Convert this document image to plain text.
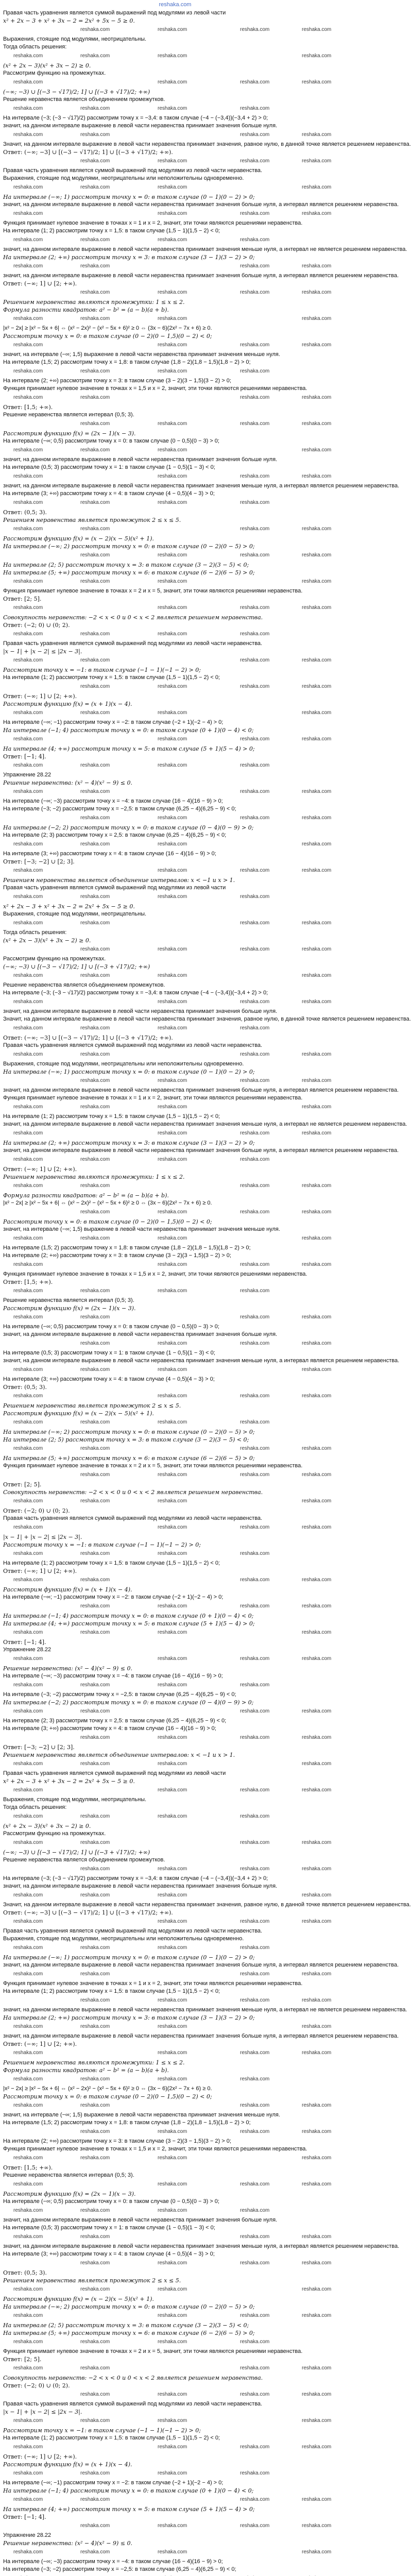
reshaka.com
Правая часть уравнения является суммой выражений под модулями из левой части
x² + 2x − 3 + x² + 3x − 2 = 2x² + 5x − 5 ≥ 0.
reshaka.com	reshaka.com
reshaka.com	reshaka.com
Выражения, стоящие под модулями, неотрицательны.
Тогда область решения:
reshaka.com	reshaka.com	reshaka.com
reshaka.com
(x² + 2x − 3)(x² + 3x − 2) ≥ 0.
Рассмотрим функцию на промежутках.
reshaka.com
reshaka.com	reshaka.com	reshaka.com
(−∞; −3) ∪ [(−3 − √17)/2; 1] ∪ [(−3 + √17)/2; +∞)
Решение неравенства является объединением промежутков.
reshaka.com	reshaka.com
reshaka.com	reshaka.com
На интервале (−3; (−3 − √17)/2) рассмотрим точку x = −3,4: в таком случае (−4 − (−3,4))(−3,4 + 2) > 0;
значит, на данном интервале выражение в левой части неравенства принимает значения больше нуля.
reshaka.com
reshaka.com	reshaka.com
reshaka.com
Значит, на данном интервале выражение в левой части неравенства принимает значения, равное нулю, в данной точке является решением неравенства.
Ответ: (−∞; −3] ∪ [(−3 − √17)/2; 1] ∪ [(−3 + √17)/2; +∞).
reshaka.com	reshaka.com
reshaka.com	reshaka.com
Правая часть уравнения является суммой выражений под модулями из левой части неравенства.
Выражения, стоящие под модулями, неотрицательны или неположительны одновременно.
reshaka.com	reshaka.com	reshaka.com
reshaka.com
На интервале (−∞; 1) рассмотрим точку x = 0: в таком случае (0 − 1)(0 − 2) > 0;
значит, на данном интервале выражение в левой части неравенства принимает значения больше нуля, а интервал является решением неравенства.
reshaka.com
reshaka.com	reshaka.com	reshaka.com
Функция принимает нулевое значение в точках x = 1 и x = 2, значит, эти точки являются решениями неравенства.
На интервале (1; 2) рассмотрим точку x = 1,5: в таком случае (1,5 − 1)(1,5 − 2) < 0;
reshaka.com	reshaka.com
reshaka.com	reshaka.com
значит, на данном интервале выражение в левой части неравенства принимает значения меньше нуля, а интервал не является решением неравенства.
На интервале (2; +∞) рассмотрим точку x = 3: в таком случае (3 − 1)(3 − 2) > 0;
reshaka.com
reshaka.com	reshaka.com
reshaka.com
значит, на данном интервале выражение в левой части неравенства принимает значения больше нуля, а интервал является решением неравенства.
Ответ: (−∞; 1] ∪ [2; +∞).
reshaka.com	reshaka.com
reshaka.com	reshaka.com
Решением неравенства являются промежутки: 1 ≤ x ≤ 2.
Формула разности квадратов: a² − b² = (a − b)(a + b).
reshaka.com	reshaka.com	reshaka.com
reshaka.com
|x² − 2x| ≥ |x² − 5x + 6| ⇔ (x² − 2x)² − (x² − 5x + 6)² ≥ 0 ⇔ (3x − 6)(2x² − 7x + 6) ≥ 0.
Рассмотрим точку x = 0: в таком случае (0 − 2)(0 − 1,5)(0 − 2) < 0;
reshaka.com
reshaka.com	reshaka.com	reshaka.com
значит, на интервале (−∞; 1,5) выражение в левой части неравенства принимает значения меньше нуля.
На интервале (1,5; 2) рассмотрим точку x = 1,8: в таком случае (1,8 − 2)(1,8 − 1,5)(1,8 − 2) > 0;
reshaka.com	reshaka.com
reshaka.com	reshaka.com
На интервале (2; +∞) рассмотрим точку x = 3: в таком случае (3 − 2)(3 − 1,5)(3 − 2) > 0;
Функция принимает нулевое значение в точках x = 1,5 и x = 2, значит, эти точки являются решениями неравенства.
reshaka.com
reshaka.com	reshaka.com
reshaka.com
Ответ: [1,5; +∞).
Решение неравенства является интервал (0,5; 3).
reshaka.com	reshaka.com
reshaka.com	reshaka.com
Рассмотрим функцию f(x) = (2x − 1)(x − 3).
На интервале (−∞; 0,5) рассмотрим точку x = 0: в таком случае (0 − 0,5)(0 − 3) > 0;
reshaka.com	reshaka.com	reshaka.com
reshaka.com
значит, на данном интервале выражение в левой части неравенства принимает значения больше нуля.
На интервале (0,5; 3) рассмотрим точку x = 1: в таком случае (1 − 0,5)(1 − 3) < 0;
reshaka.com
reshaka.com	reshaka.com	reshaka.com
значит, на данном интервале выражение в левой части неравенства принимает значения меньше нуля, а интервал является решением неравенства.
На интервале (3; +∞) рассмотрим точку x = 4: в таком случае (4 − 0,5)(4 − 3) > 0;
reshaka.com	reshaka.com
reshaka.com	reshaka.com
Ответ: (0,5; 3).
Решением неравенства является промежуток 2 ≤ x ≤ 5.
reshaka.com
reshaka.com	reshaka.com
reshaka.com
Рассмотрим функцию f(x) = (x − 2)(x − 5)(x² + 1).
На интервале (−∞; 2) рассмотрим точку x = 0: в таком случае (0 − 2)(0 − 5) > 0;
reshaka.com	reshaka.com
reshaka.com	reshaka.com
На интервале (2; 5) рассмотрим точку x = 3: в таком случае (3 − 2)(3 − 5) < 0;
На интервале (5; +∞) рассмотрим точку x = 6: в таком случае (6 − 2)(6 − 5) > 0;
reshaka.com	reshaka.com	reshaka.com
reshaka.com
Функция принимает нулевое значение в точках x = 2 и x = 5, значит, эти точки являются решениями неравенства.
Ответ: [2; 5].
reshaka.com
reshaka.com	reshaka.com	reshaka.com
Совокупность неравенств: −2 < x < 0 и 0 < x < 2 является решением неравенства.
Ответ: (−2; 0) ∪ (0; 2).
reshaka.com	reshaka.com
reshaka.com	reshaka.com
Правая часть уравнения является суммой выражений под модулями из левой части неравенства.
|x − 1| + |x − 2| ≤ |2x − 3|.
reshaka.com
reshaka.com	reshaka.com
reshaka.com
Рассмотрим точку x = −1: в таком случае (−1 − 1)(−1 − 2) > 0;
На интервале (1; 2) рассмотрим точку x = 1,5: в таком случае (1,5 − 1)(1,5 − 2) < 0;
reshaka.com	reshaka.com
reshaka.com	reshaka.com
Ответ: (−∞; 1] ∪ [2; +∞).
Рассмотрим функцию f(x) = (x + 1)(x − 4).
reshaka.com	reshaka.com	reshaka.com
reshaka.com
На интервале (−∞; −1) рассмотрим точку x = −2: в таком случае (−2 + 1)(−2 − 4) > 0;
На интервале (−1; 4) рассмотрим точку x = 0: в таком случае (0 + 1)(0 − 4) < 0;
reshaka.com
reshaka.com	reshaka.com	reshaka.com
На интервале (4; +∞) рассмотрим точку x = 5: в таком случае (5 + 1)(5 − 4) > 0;
Ответ: [−1; 4].
reshaka.com	reshaka.com
reshaka.com	reshaka.com
Упражнение 28.22
Решение неравенства: (x² − 4)(x² − 9) ≤ 0.
reshaka.com
reshaka.com	reshaka.com
reshaka.com
На интервале (−∞; −3) рассмотрим точку x = −4: в таком случае (16 − 4)(16 − 9) > 0;
На интервале (−3; −2) рассмотрим точку x = −2,5: в таком случае (6,25 − 4)(6,25 − 9) < 0;
reshaka.com	reshaka.com
reshaka.com	reshaka.com
На интервале (−2; 2) рассмотрим точку x = 0: в таком случае (0 − 4)(0 − 9) > 0;
На интервале (2; 3) рассмотрим точку x = 2,5: в таком случае (6,25 − 4)(6,25 − 9) < 0;
reshaka.com	reshaka.com	reshaka.com
reshaka.com
На интервале (3; +∞) рассмотрим точку x = 4: в таком случае (16 − 4)(16 − 9) > 0;
Ответ: [−3; −2] ∪ [2; 3].
reshaka.com
reshaka.com	reshaka.com	reshaka.com
Решением неравенства является объединение интервалов: x < −1 и x > 1.
Правая часть уравнения является суммой выражений под модулями из левой части
reshaka.com	reshaka.com
reshaka.com	reshaka.com
x² + 2x − 3 + x² + 3x − 2 = 2x² + 5x − 5 ≥ 0.
Выражения, стоящие под модулями, неотрицательны.
reshaka.com
reshaka.com	reshaka.com
reshaka.com
Тогда область решения:
(x² + 2x − 3)(x² + 3x − 2) ≥ 0.
reshaka.com	reshaka.com
reshaka.com	reshaka.com
Рассмотрим функцию на промежутках.
(−∞; −3) ∪ [(−3 − √17)/2; 1] ∪ [(−3 + √17)/2; +∞)
reshaka.com	reshaka.com	reshaka.com
reshaka.com
Решение неравенства является объединением промежутков.
На интервале (−3; (−3 − √17)/2) рассмотрим точку x = −3,4: в таком случае (−4 − (−3,4))(−3,4 + 2) > 0;
reshaka.com
reshaka.com	reshaka.com	reshaka.com
значит, на данном интервале выражение в левой части неравенства принимает значения больше нуля.
Значит, на данном интервале выражение в левой части неравенства принимает значения, равное нулю, в данной точке является решением неравенства.
reshaka.com	reshaka.com
reshaka.com	reshaka.com
Ответ: (−∞; −3] ∪ [(−3 − √17)/2; 1] ∪ [(−3 + √17)/2; +∞).
Правая часть уравнения является суммой выражений под модулями из левой части неравенства.
reshaka.com
reshaka.com	reshaka.com
reshaka.com
Выражения, стоящие под модулями, неотрицательны или неположительны одновременно.
На интервале (−∞; 1) рассмотрим точку x = 0: в таком случае (0 − 1)(0 − 2) > 0;
reshaka.com	reshaka.com
reshaka.com	reshaka.com
значит, на данном интервале выражение в левой части неравенства принимает значения больше нуля, а интервал является решением неравенства.
Функция принимает нулевое значение в точках x = 1 и x = 2, значит, эти точки являются решениями неравенства.
reshaka.com	reshaka.com	reshaka.com
reshaka.com
На интервале (1; 2) рассмотрим точку x = 1,5: в таком случае (1,5 − 1)(1,5 − 2) < 0;
значит, на данном интервале выражение в левой части неравенства принимает значения меньше нуля, а интервал не является решением неравенства.
reshaka.com
reshaka.com	reshaka.com	reshaka.com
На интервале (2; +∞) рассмотрим точку x = 3: в таком случае (3 − 1)(3 − 2) > 0;
значит, на данном интервале выражение в левой части неравенства принимает значения больше нуля, а интервал является решением неравенства.
reshaka.com	reshaka.com
reshaka.com	reshaka.com
Ответ: (−∞; 1] ∪ [2; +∞).
Решением неравенства являются промежутки: 1 ≤ x ≤ 2.
reshaka.com
reshaka.com	reshaka.com
reshaka.com
Формула разности квадратов: a² − b² = (a − b)(a + b).
|x² − 2x| ≥ |x² − 5x + 6| ⇔ (x² − 2x)² − (x² − 5x + 6)² ≥ 0 ⇔ (3x − 6)(2x² − 7x + 6) ≥ 0.
reshaka.com	reshaka.com
reshaka.com	reshaka.com
Рассмотрим точку x = 0: в таком случае (0 − 2)(0 − 1,5)(0 − 2) < 0;
значит, на интервале (−∞; 1,5) выражение в левой части неравенства принимает значения меньше нуля.
reshaka.com	reshaka.com	reshaka.com
reshaka.com
На интервале (1,5; 2) рассмотрим точку x = 1,8: в таком случае (1,8 − 2)(1,8 − 1,5)(1,8 − 2) > 0;
На интервале (2; +∞) рассмотрим точку x = 3: в таком случае (3 − 2)(3 − 1,5)(3 − 2) > 0;
reshaka.com
reshaka.com	reshaka.com	reshaka.com
Функция принимает нулевое значение в точках x = 1,5 и x = 2, значит, эти точки являются решениями неравенства.
Ответ: [1,5; +∞).
reshaka.com	reshaka.com
reshaka.com	reshaka.com
Решение неравенства является интервал (0,5; 3).
Рассмотрим функцию f(x) = (2x − 1)(x − 3).
reshaka.com
reshaka.com	reshaka.com
reshaka.com
На интервале (−∞; 0,5) рассмотрим точку x = 0: в таком случае (0 − 0,5)(0 − 3) > 0;
значит, на данном интервале выражение в левой части неравенства принимает значения больше нуля.
reshaka.com	reshaka.com
reshaka.com	reshaka.com
На интервале (0,5; 3) рассмотрим точку x = 1: в таком случае (1 − 0,5)(1 − 3) < 0;
значит, на данном интервале выражение в левой части неравенства принимает значения меньше нуля, а интервал является решением неравенства.
reshaka.com	reshaka.com	reshaka.com
reshaka.com
На интервале (3; +∞) рассмотрим точку x = 4: в таком случае (4 − 0,5)(4 − 3) > 0;
Ответ: (0,5; 3).
reshaka.com
reshaka.com	reshaka.com	reshaka.com
Решением неравенства является промежуток 2 ≤ x ≤ 5.
Рассмотрим функцию f(x) = (x − 2)(x − 5)(x² + 1).
reshaka.com	reshaka.com
reshaka.com	reshaka.com
На интервале (−∞; 2) рассмотрим точку x = 0: в таком случае (0 − 2)(0 − 5) > 0;
На интервале (2; 5) рассмотрим точку x = 3: в таком случае (3 − 2)(3 − 5) < 0;
reshaka.com
reshaka.com	reshaka.com
reshaka.com
На интервале (5; +∞) рассмотрим точку x = 6: в таком случае (6 − 2)(6 − 5) > 0;
Функция принимает нулевое значение в точках x = 2 и x = 5, значит, эти точки являются решениями неравенства.
reshaka.com	reshaka.com
reshaka.com	reshaka.com
Ответ: [2; 5].
Совокупность неравенств: −2 < x < 0 и 0 < x < 2 является решением неравенства.
reshaka.com	reshaka.com	reshaka.com
reshaka.com
Ответ: (−2; 0) ∪ (0; 2).
Правая часть уравнения является суммой выражений под модулями из левой части неравенства.
reshaka.com
reshaka.com	reshaka.com	reshaka.com
|x − 1| + |x − 2| ≤ |2x − 3|.
Рассмотрим точку x = −1: в таком случае (−1 − 1)(−1 − 2) > 0;
reshaka.com	reshaka.com
reshaka.com	reshaka.com
На интервале (1; 2) рассмотрим точку x = 1,5: в таком случае (1,5 − 1)(1,5 − 2) < 0;
Ответ: (−∞; 1] ∪ [2; +∞).
reshaka.com
reshaka.com	reshaka.com
reshaka.com
Рассмотрим функцию f(x) = (x + 1)(x − 4).
На интервале (−∞; −1) рассмотрим точку x = −2: в таком случае (−2 + 1)(−2 − 4) > 0;
reshaka.com	reshaka.com
reshaka.com	reshaka.com
На интервале (−1; 4) рассмотрим точку x = 0: в таком случае (0 + 1)(0 − 4) < 0;
На интервале (4; +∞) рассмотрим точку x = 5: в таком случае (5 + 1)(5 − 4) > 0;
reshaka.com	reshaka.com	reshaka.com
reshaka.com
Ответ: [−1; 4].
Упражнение 28.22
reshaka.com
reshaka.com	reshaka.com	reshaka.com
Решение неравенства: (x² − 4)(x² − 9) ≤ 0.
На интервале (−∞; −3) рассмотрим точку x = −4: в таком случае (16 − 4)(16 − 9) > 0;
reshaka.com	reshaka.com
reshaka.com	reshaka.com
На интервале (−3; −2) рассмотрим точку x = −2,5: в таком случае (6,25 − 4)(6,25 − 9) < 0;
На интервале (−2; 2) рассмотрим точку x = 0: в таком случае (0 − 4)(0 − 9) > 0;
reshaka.com
reshaka.com	reshaka.com
reshaka.com
На интервале (2; 3) рассмотрим точку x = 2,5: в таком случае (6,25 − 4)(6,25 − 9) < 0;
На интервале (3; +∞) рассмотрим точку x = 4: в таком случае (16 − 4)(16 − 9) > 0;
reshaka.com	reshaka.com
reshaka.com	reshaka.com
Ответ: [−3; −2] ∪ [2; 3].
Решением неравенства является объединение интервалов: x < −1 и x > 1.
reshaka.com	reshaka.com	reshaka.com
reshaka.com
Правая часть уравнения является суммой выражений под модулями из левой части
x² + 2x − 3 + x² + 3x − 2 = 2x² + 5x − 5 ≥ 0.
reshaka.com
reshaka.com	reshaka.com	reshaka.com
Выражения, стоящие под модулями, неотрицательны.
Тогда область решения:
reshaka.com	reshaka.com
reshaka.com	reshaka.com
(x² + 2x − 3)(x² + 3x − 2) ≥ 0.
Рассмотрим функцию на промежутках.
reshaka.com
reshaka.com	reshaka.com
reshaka.com
(−∞; −3) ∪ [(−3 − √17)/2; 1] ∪ [(−3 + √17)/2; +∞)
Решение неравенства является объединением промежутков.
reshaka.com	reshaka.com
reshaka.com	reshaka.com
На интервале (−3; (−3 − √17)/2) рассмотрим точку x = −3,4: в таком случае (−4 − (−3,4))(−3,4 + 2) > 0;
значит, на данном интервале выражение в левой части неравенства принимает значения больше нуля.
reshaka.com	reshaka.com	reshaka.com
reshaka.com
Значит, на данном интервале выражение в левой части неравенства принимает значения, равное нулю, в данной точке является решением неравенства.
Ответ: (−∞; −3] ∪ [(−3 − √17)/2; 1] ∪ [(−3 + √17)/2; +∞).
reshaka.com
reshaka.com	reshaka.com	reshaka.com
Правая часть уравнения является суммой выражений под модулями из левой части неравенства.
Выражения, стоящие под модулями, неотрицательны или неположительны одновременно.
reshaka.com	reshaka.com
reshaka.com	reshaka.com
На интервале (−∞; 1) рассмотрим точку x = 0: в таком случае (0 − 1)(0 − 2) > 0;
значит, на данном интервале выражение в левой части неравенства принимает значения больше нуля, а интервал является решением неравенства.
reshaka.com
reshaka.com	reshaka.com
reshaka.com
Функция принимает нулевое значение в точках x = 1 и x = 2, значит, эти точки являются решениями неравенства.
На интервале (1; 2) рассмотрим точку x = 1,5: в таком случае (1,5 − 1)(1,5 − 2) < 0;
reshaka.com	reshaka.com
reshaka.com	reshaka.com
значит, на данном интервале выражение в левой части неравенства принимает значения меньше нуля, а интервал не является решением неравенства.
На интервале (2; +∞) рассмотрим точку x = 3: в таком случае (3 − 1)(3 − 2) > 0;
reshaka.com	reshaka.com	reshaka.com
reshaka.com
значит, на данном интервале выражение в левой части неравенства принимает значения больше нуля, а интервал является решением неравенства.
Ответ: (−∞; 1] ∪ [2; +∞).
reshaka.com
reshaka.com	reshaka.com	reshaka.com
Решением неравенства являются промежутки: 1 ≤ x ≤ 2.
Формула разности квадратов: a² − b² = (a − b)(a + b).
reshaka.com	reshaka.com
reshaka.com	reshaka.com
|x² − 2x| ≥ |x² − 5x + 6| ⇔ (x² − 2x)² − (x² − 5x + 6)² ≥ 0 ⇔ (3x − 6)(2x² − 7x + 6) ≥ 0.
Рассмотрим точку x = 0: в таком случае (0 − 2)(0 − 1,5)(0 − 2) < 0;
reshaka.com
reshaka.com	reshaka.com
reshaka.com
значит, на интервале (−∞; 1,5) выражение в левой части неравенства принимает значения меньше нуля.
На интервале (1,5; 2) рассмотрим точку x = 1,8: в таком случае (1,8 − 2)(1,8 − 1,5)(1,8 − 2) > 0;
reshaka.com	reshaka.com
reshaka.com	reshaka.com
На интервале (2; +∞) рассмотрим точку x = 3: в таком случае (3 − 2)(3 − 1,5)(3 − 2) > 0;
Функция принимает нулевое значение в точках x = 1,5 и x = 2, значит, эти точки являются решениями неравенства.
reshaka.com	reshaka.com	reshaka.com
reshaka.com
Ответ: [1,5; +∞).
Решение неравенства является интервал (0,5; 3).
reshaka.com
reshaka.com	reshaka.com	reshaka.com
Рассмотрим функцию f(x) = (2x − 1)(x − 3).
На интервале (−∞; 0,5) рассмотрим точку x = 0: в таком случае (0 − 0,5)(0 − 3) > 0;
reshaka.com	reshaka.com
reshaka.com	reshaka.com
значит, на данном интервале выражение в левой части неравенства принимает значения больше нуля.
На интервале (0,5; 3) рассмотрим точку x = 1: в таком случае (1 − 0,5)(1 − 3) < 0;
reshaka.com
reshaka.com	reshaka.com
reshaka.com
значит, на данном интервале выражение в левой части неравенства принимает значения меньше нуля, а интервал является решением неравенства.
На интервале (3; +∞) рассмотрим точку x = 4: в таком случае (4 − 0,5)(4 − 3) > 0;
reshaka.com	reshaka.com
reshaka.com	reshaka.com
Ответ: (0,5; 3).
Решением неравенства является промежуток 2 ≤ x ≤ 5.
reshaka.com	reshaka.com	reshaka.com
reshaka.com
Рассмотрим функцию f(x) = (x − 2)(x − 5)(x² + 1).
На интервале (−∞; 2) рассмотрим точку x = 0: в таком случае (0 − 2)(0 − 5) > 0;
reshaka.com
reshaka.com	reshaka.com	reshaka.com
На интервале (2; 5) рассмотрим точку x = 3: в таком случае (3 − 2)(3 − 5) < 0;
На интервале (5; +∞) рассмотрим точку x = 6: в таком случае (6 − 2)(6 − 5) > 0;
reshaka.com	reshaka.com
reshaka.com	reshaka.com
Функция принимает нулевое значение в точках x = 2 и x = 5, значит, эти точки являются решениями неравенства.
Ответ: [2; 5].
reshaka.com
reshaka.com	reshaka.com
reshaka.com
Совокупность неравенств: −2 < x < 0 и 0 < x < 2 является решением неравенства.
Ответ: (−2; 0) ∪ (0; 2).
reshaka.com	reshaka.com
reshaka.com	reshaka.com
Правая часть уравнения является суммой выражений под модулями из левой части неравенства.
|x − 1| + |x − 2| ≤ |2x − 3|.
reshaka.com	reshaka.com	reshaka.com
reshaka.com
Рассмотрим точку x = −1: в таком случае (−1 − 1)(−1 − 2) > 0;
На интервале (1; 2) рассмотрим точку x = 1,5: в таком случае (1,5 − 1)(1,5 − 2) < 0;
reshaka.com
reshaka.com	reshaka.com	reshaka.com
Ответ: (−∞; 1] ∪ [2; +∞).
Рассмотрим функцию f(x) = (x + 1)(x − 4).
reshaka.com	reshaka.com
reshaka.com	reshaka.com
На интервале (−∞; −1) рассмотрим точку x = −2: в таком случае (−2 + 1)(−2 − 4) > 0;
На интервале (−1; 4) рассмотрим точку x = 0: в таком случае (0 + 1)(0 − 4) < 0;
reshaka.com
reshaka.com	reshaka.com
reshaka.com
На интервале (4; +∞) рассмотрим точку x = 5: в таком случае (5 + 1)(5 − 4) > 0;
Ответ: [−1; 4].
reshaka.com	reshaka.com
reshaka.com	reshaka.com
Упражнение 28.22
Решение неравенства: (x² − 4)(x² − 9) ≤ 0.
reshaka.com	reshaka.com	reshaka.com
reshaka.com
На интервале (−∞; −3) рассмотрим точку x = −4: в таком случае (16 − 4)(16 − 9) > 0;
На интервале (−3; −2) рассмотрим точку x = −2,5: в таком случае (6,25 − 4)(6,25 − 9) < 0;
